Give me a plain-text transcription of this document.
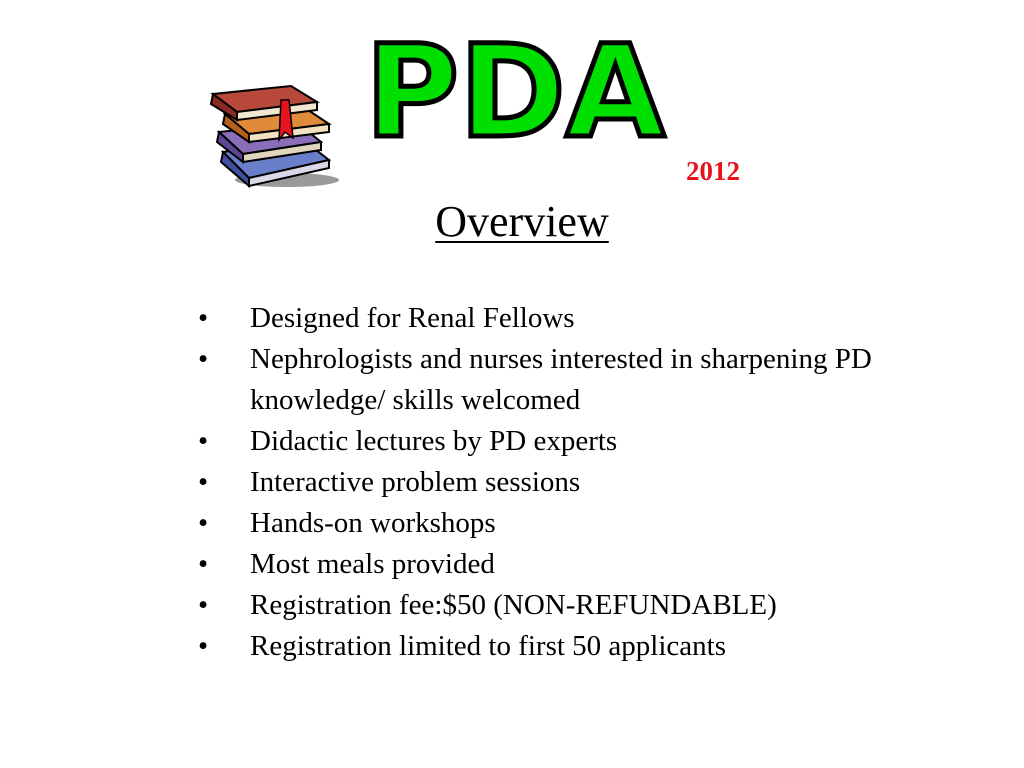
PDA
2012
Overview
• Designed for Renal Fellows
• Nephrologists and nurses interested in sharpening PD knowledge/ skills welcomed
• Didactic lectures by PD experts
• Interactive problem sessions
• Hands-on workshops
• Most meals provided
• Registration fee:$50 (NON-REFUNDABLE)
• Registration limited to first 50 applicants
